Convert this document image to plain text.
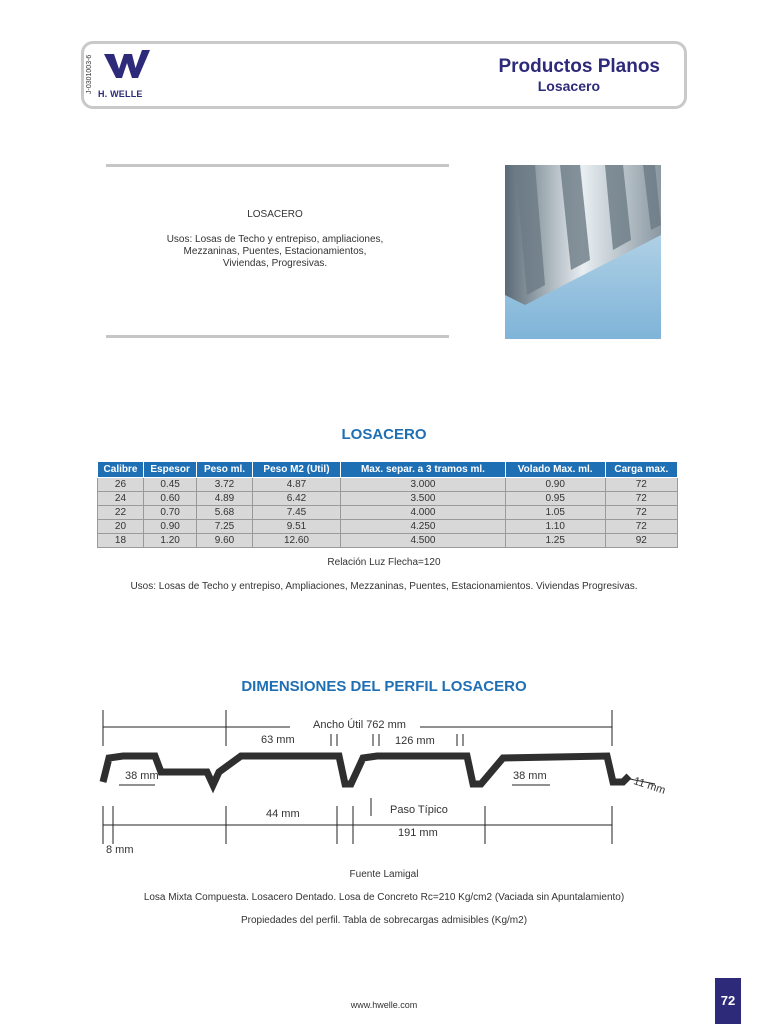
J-0301003-6
H. WELLE
Productos Planos
Losacero
LOSACERO
Usos: Losas de Techo y entrepiso, ampliaciones, Mezzaninas, Puentes, Estacionamientos, Viviendas, Progresivas.
LOSACERO
Calibre	Espesor	Peso ml.	Peso M2 (Util)	Max. separ. a 3 tramos ml.	Volado Max. ml.	Carga max.
26	0.45	3.72	4.87	3.000	0.90	72
24	0.60	4.89	6.42	3.500	0.95	72
22	0.70	5.68	7.45	4.000	1.05	72
20	0.90	7.25	9.51	4.250	1.10	72
18	1.20	9.60	12.60	4.500	1.25	92
Relación Luz Flecha=120
Usos: Losas de Techo y entrepiso, Ampliaciones, Mezzaninas, Puentes, Estacionamientos. Viviendas Progresivas.
DIMENSIONES DEL PERFIL LOSACERO
Ancho Útil 762 mm
63 mm	126 mm
38 mm	38 mm	11 mm
44 mm	Paso Típico
191 mm
8 mm
Fuente Lamigal
Losa Mixta Compuesta. Losacero Dentado. Losa de Concreto Rc=210 Kg/cm2 (Vaciada sin Apuntalamiento)
Propiedades del perfil. Tabla de sobrecargas admisibles (Kg/m2)
www.hwelle.com	72
